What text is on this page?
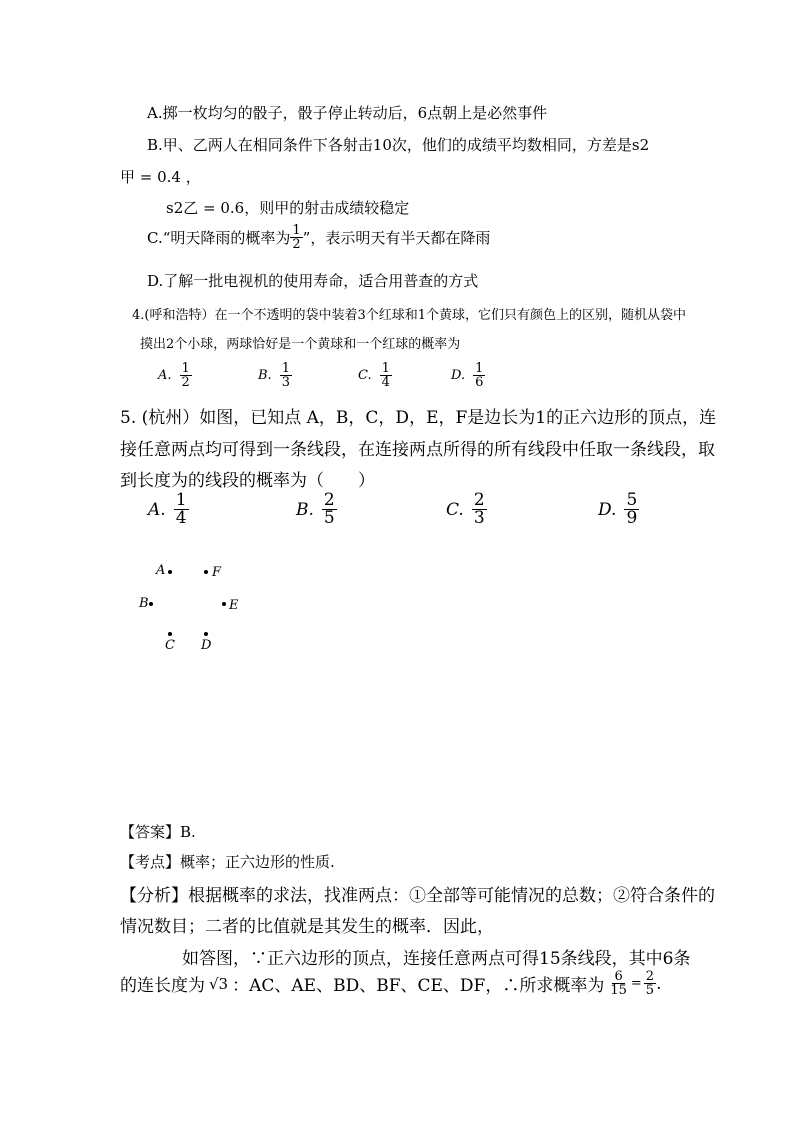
A.掷一枚均匀的骰子，骰子停止转动后，6点朝上是必然事件
B.甲、乙两人在相同条件下各射击10次，他们的成绩平均数相同，方差是s2
甲 = 0.4 ，
s2乙 = 0.6，则甲的射击成绩较稳定
C.“明天降雨的概率为 $\frac{1}{2}$ ”，表示明天有半天都在降雨
D.了解一批电视机的使用寿命，适合用普查的方式
4.(呼和浩特）在一个不透明的袋中装着3个红球和1个黄球，它们只有颜色上的区别，随机从袋中
摸出2个小球，两球恰好是一个黄球和一个红球的概率为
A. $\frac{1}{2}$	B. $\frac{1}{3}$	C. $\frac{1}{4}$	D. $\frac{1}{6}$
5. (杭州）如图，已知点 A，B，C，D，E，F是边长为1的正六边形的顶点，连
接任意两点均可得到一条线段，在连接两点所得的所有线段中任取一条线段，取
到长度为的线段的概率为（　　）
A. $\frac{1}{4}$	B. $\frac{2}{5}$	C. $\frac{2}{3}$	D. $\frac{5}{9}$
A	F
B	E
C D
【答案】B.
【考点】概率；正六边形的性质.
【分析】根据概率的求法，找准两点：①全部等可能情况的总数；②符合条件的
情况数目；二者的比值就是其发生的概率．因此，
如答图，∵正六边形的顶点，连接任意两点可得15条线段，其中6条
的连长度为 √3 ：AC、AE、BD、BF、CE、DF，∴所求概率为 $\frac{6}{15} = \frac{2}{5}$ .
